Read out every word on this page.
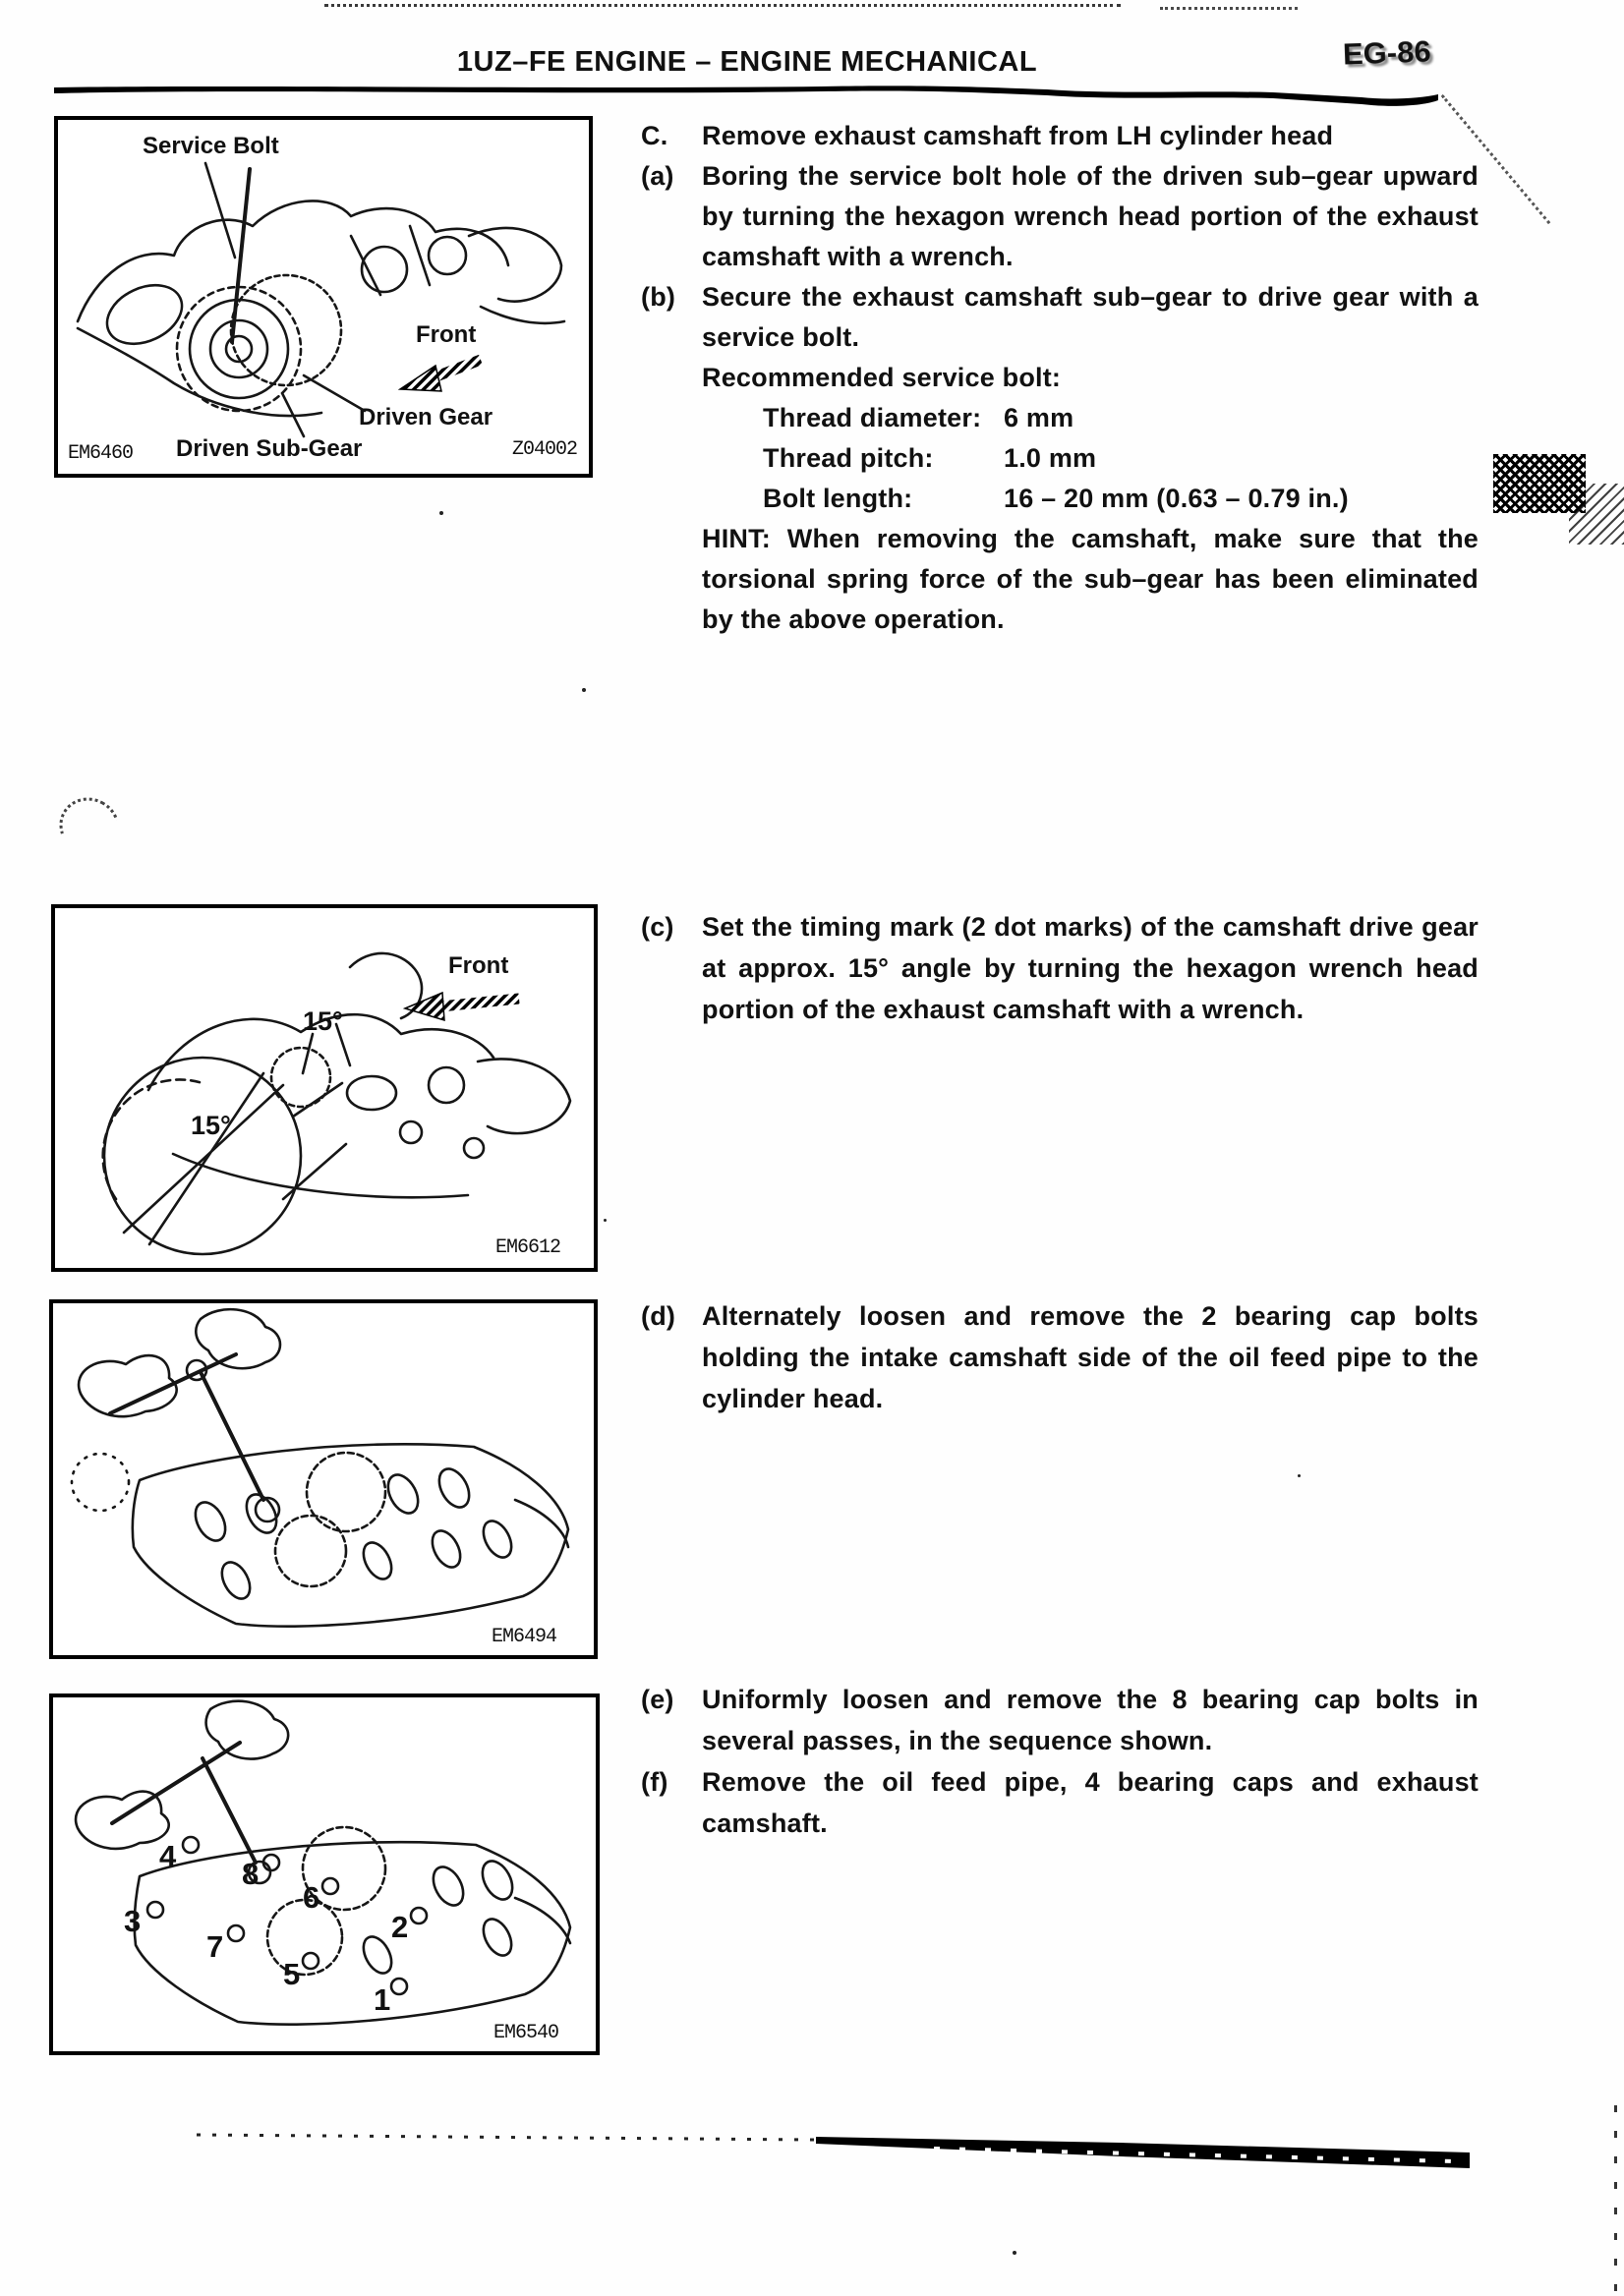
1UZ–FE ENGINE – ENGINE MECHANICAL	EG-86
Service Bolt
Front
Driven Gear
Driven Sub-Gear
EM6460	Z04002
15°
15°
Front
EM6612
EM6494
4
8
6
3
7
5
2
1
EM6540
C.	Remove exhaust camshaft from LH cylinder head
(a)	Boring the service bolt hole of the driven sub–gear upward by turning the hexagon wrench head portion of the exhaust camshaft with a wrench.
(b) Secure the exhaust camshaft sub–gear to drive gear with a service bolt.
Recommended service bolt:
Thread diameter: 6 mm
Thread pitch:	1.0 mm
Bolt length:	16 – 20 mm (0.63 – 0.79 in.)
HINT: When removing the camshaft, make sure that the torsional spring force of the sub–gear has been eliminated by the above operation.
(c)	Set the timing mark (2 dot marks) of the camshaft drive gear at approx. 15° angle by turning the hexagon wrench head portion of the exhaust camshaft with a wrench.
(d) Alternately loosen and remove the 2 bearing cap bolts holding the intake camshaft side of the oil feed pipe to the cylinder head.
(e)	Uniformly loosen and remove the 8 bearing cap bolts in several passes, in the sequence shown.
(f)	Remove the oil feed pipe, 4 bearing caps and exhaust camshaft.
